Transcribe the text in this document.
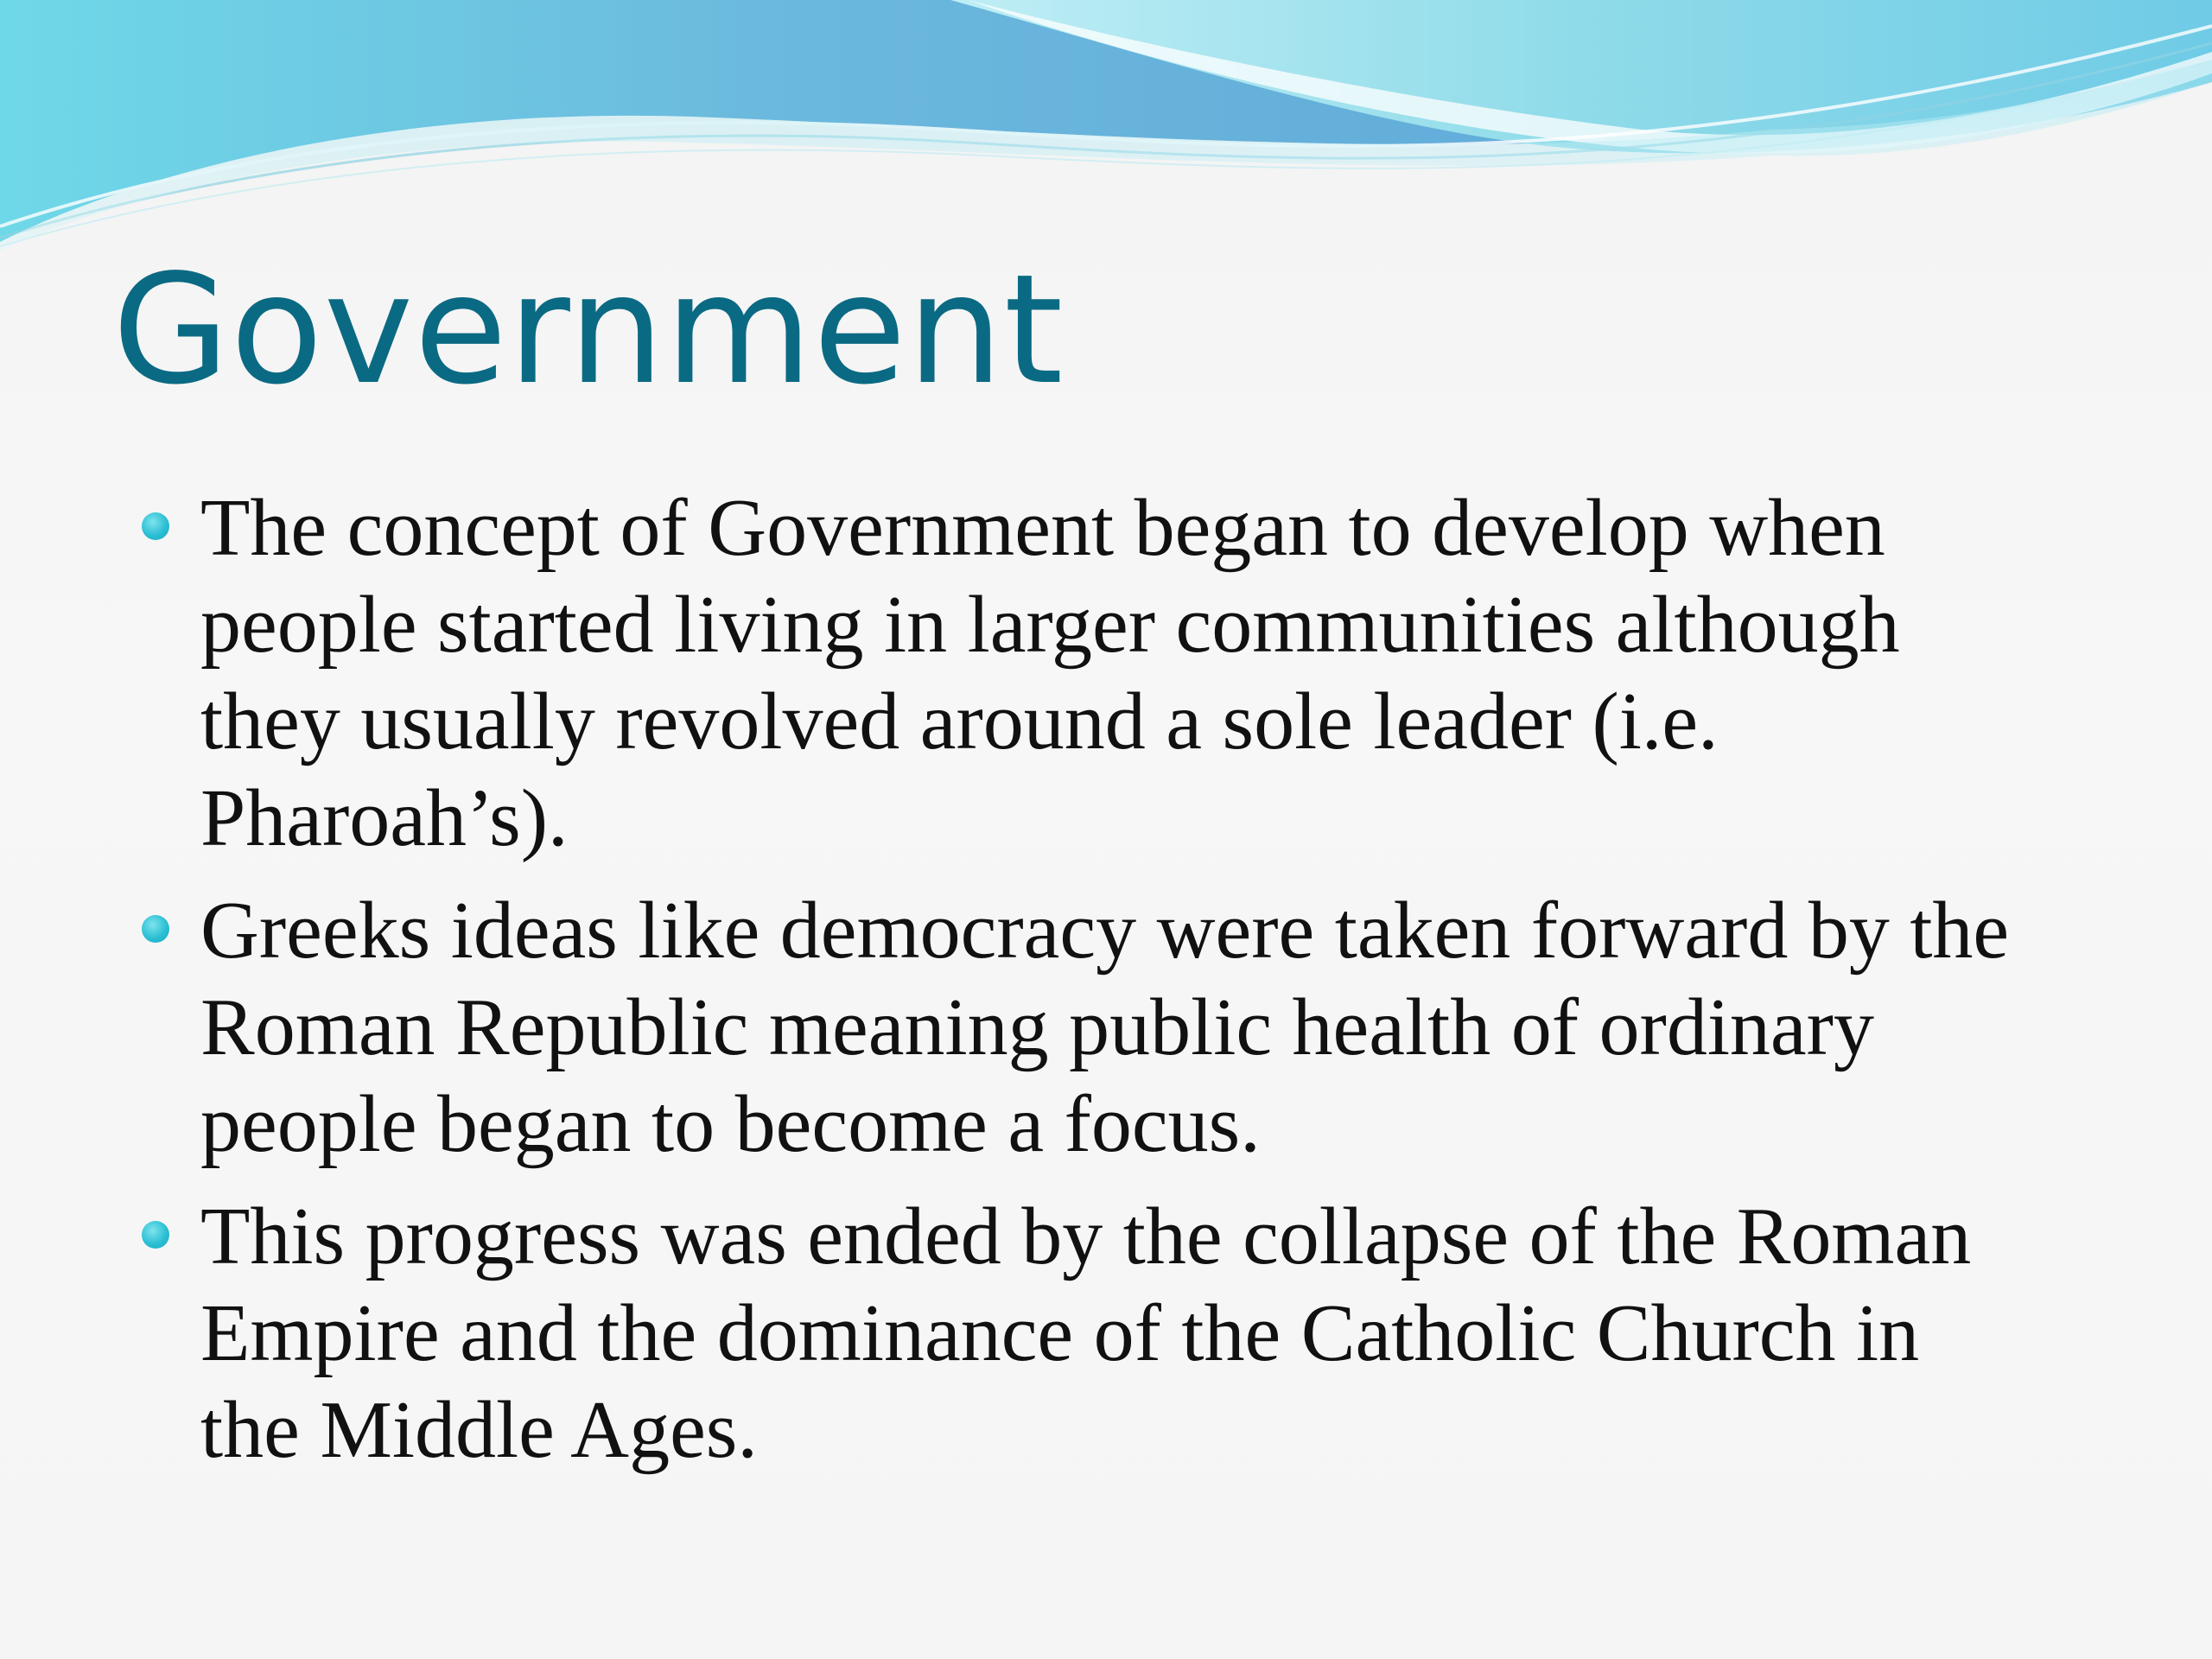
Government
The concept of Government began to develop when
people started living in larger communities although
they usually revolved around a sole leader (i.e.
Pharoah’s).
Greeks ideas like democracy were taken forward by the
Roman Republic meaning public health of ordinary
people began to become a focus.
This progress was ended by the collapse of the Roman
Empire and the dominance of the Catholic Church in
the Middle Ages.
